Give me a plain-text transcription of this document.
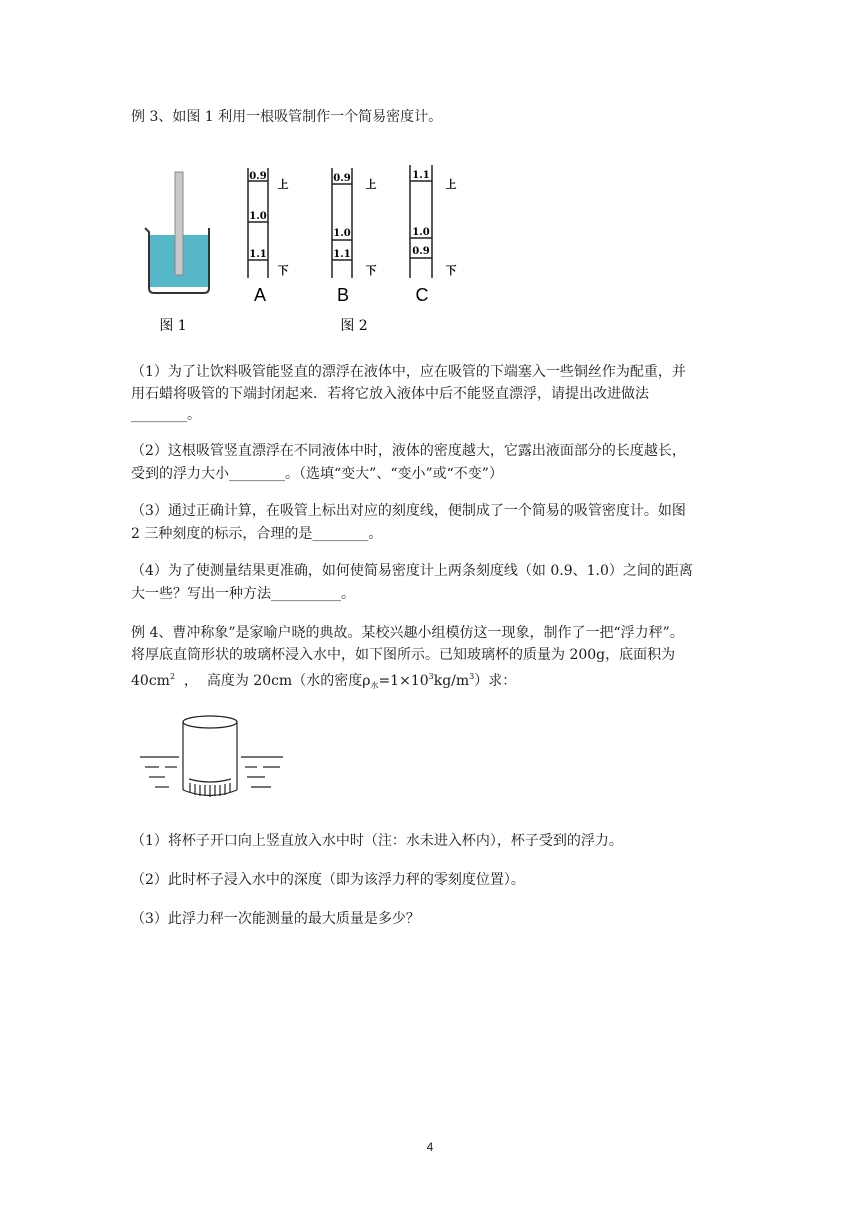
例 3、如图 1 利用一根吸管制作一个简易密度计。
图 1
0.9
1.0
1.1
上
下
A
0.9
1.0
1.1
上
下
B
1.1
1.0
0.9
上
下
C
图 2
（1）为了让饮料吸管能竖直的漂浮在液体中，应在吸管的下端塞入一些铜丝作为配重，并
用石蜡将吸管的下端封闭起来．若将它放入液体中后不能竖直漂浮，请提出改进做法
________。
（2）这根吸管竖直漂浮在不同液体中时，液体的密度越大，它露出液面部分的长度越长，
受到的浮力大小________。（选填“变大”、“变小”或“不变”）
（3）通过正确计算，在吸管上标出对应的刻度线，便制成了一个简易的吸管密度计。如图
2 三种刻度的标示，合理的是________。
（4）为了使测量结果更准确，如何使简易密度计上两条刻度线（如 0.9、1.0）之间的距离
大一些？写出一种方法__________。
例 4、曹冲称象”是家喻户晓的典故。某校兴趣小组模仿这一现象，制作了一把“浮力秤”。
将厚底直筒形状的玻璃杯浸入水中，如下图所示。已知玻璃杯的质量为 200g，底面积为
$40cm^2$  ，  高度为 20cm（水的密度$\rho_水=1\times 10^3kg/m^3$）求：
（1）将杯子开口向上竖直放入水中时（注：水未进入杯内），杯子受到的浮力。
（2）此时杯子浸入水中的深度（即为该浮力秤的零刻度位置）。
（3）此浮力秤一次能测量的最大质量是多少？
4
